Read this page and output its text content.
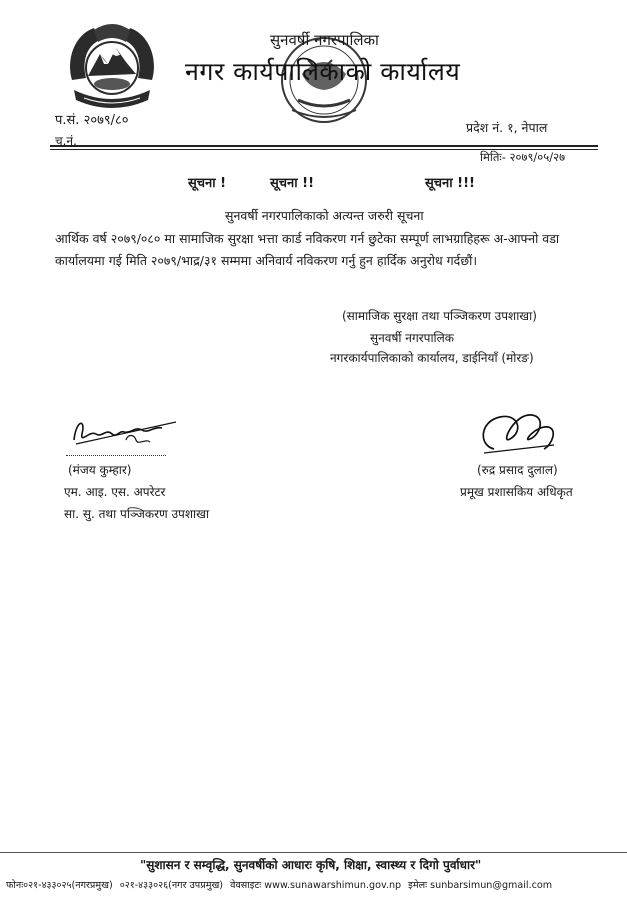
सुनवर्षी नगरपालिका
नगर कार्यपालिकाको कार्यालय
प.सं. २०७९/८०
च.नं.
प्रदेश नं. १, नेपाल
मितिः- २०७९/०५/२७
सूचना !	सूचना !!	सूचना !!!
सुनवर्षी नगरपालिकाको अत्यन्त जरुरी सूचना
आर्थिक वर्ष २०७९/०८० मा सामाजिक सुरक्षा भत्ता कार्ड नविकरण गर्न छुटेका सम्पूर्ण लाभग्राहिहरू अ-आफ्नो वडा कार्यालयमा गई मिति २०७९/भाद्र/३१ सम्ममा अनिवार्य नविकरण गर्नु हुन हार्दिक अनुरोध गर्दछौं।
(सामाजिक सुरक्षा तथा पञ्जिकरण उपशाखा)
सुनवर्षी नगरपालिक
नगरकार्यपालिकाको कार्यालय, डाईनियाँ (मोरङ)
(मंजय कुम्हार)
एम. आइ. एस. अपरेटर
सा. सु. तथा पञ्जिकरण उपशाखा
(रुद्र प्रसाद दुलाल)
प्रमूख प्रशासकिय अधिकृत
"सुशासन र सम्वृद्धि, सुनवर्षीको आधारः कृषि, शिक्षा, स्वास्थ्य र दिगो पुर्वाधार"
फोनः०२१-४३३०२५(नगरप्रमुख) ०२१-४३३०२६(नगर उपप्रमुख) वेवसाइटः www.sunawarshimun.gov.np इमेलः sunbarsimun@gmail.com
